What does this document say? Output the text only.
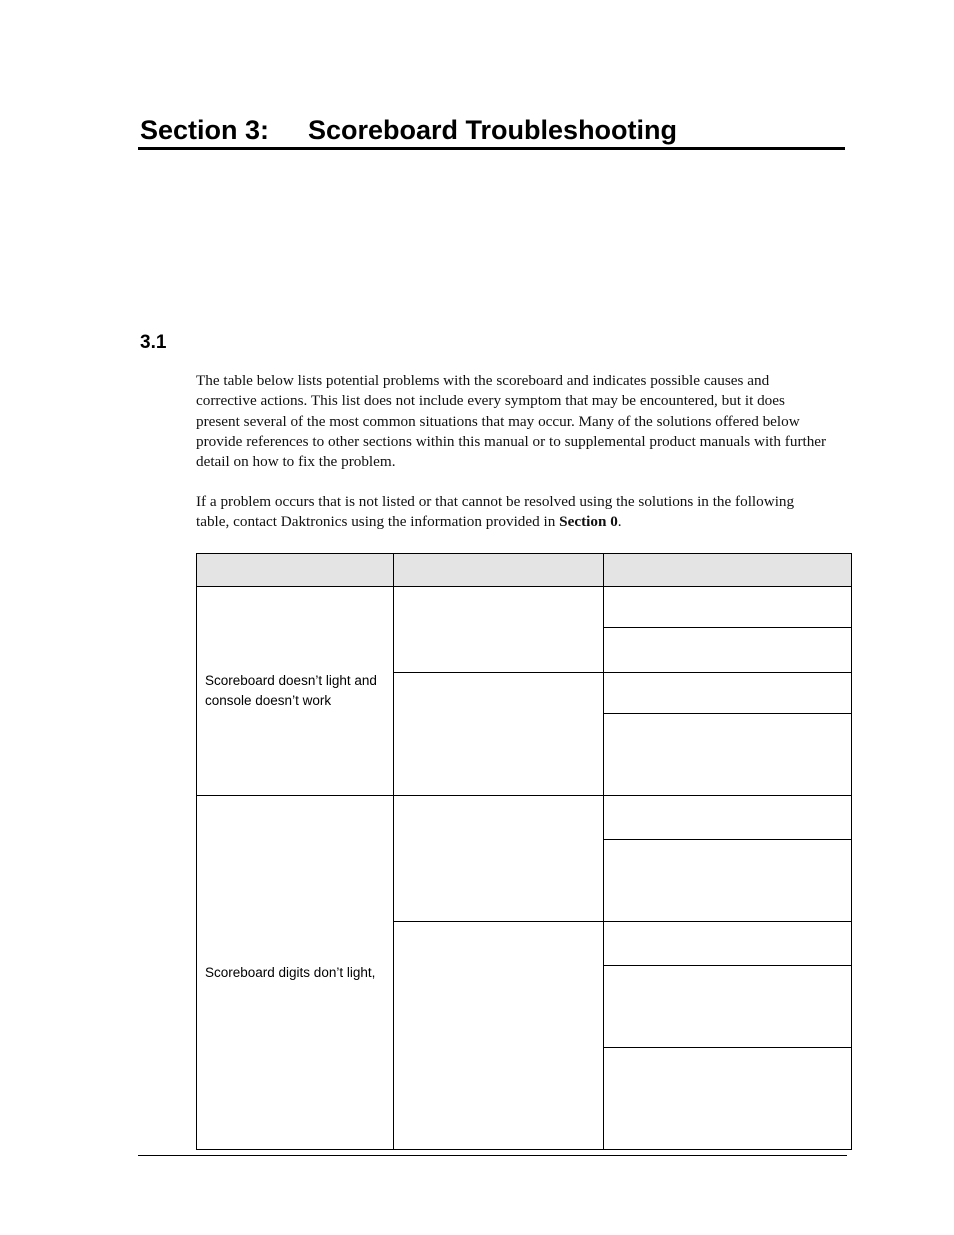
Section 3: Scoreboard Troubleshooting
3.1

The table below lists potential problems with the scoreboard and indicates possible causes and corrective actions. This list does not include every symptom that may be encountered, but it does present several of the most common situations that may occur. Many of the solutions offered below provide references to other sections within this manual or to supplemental product manuals with further detail on how to fix the problem.

If a problem occurs that is not listed or that cannot be resolved using the solutions in the following table, contact Daktronics using the information provided in Section 0.

Scoreboard doesn’t light and console doesn’t work		

Scoreboard digits don’t light,		
